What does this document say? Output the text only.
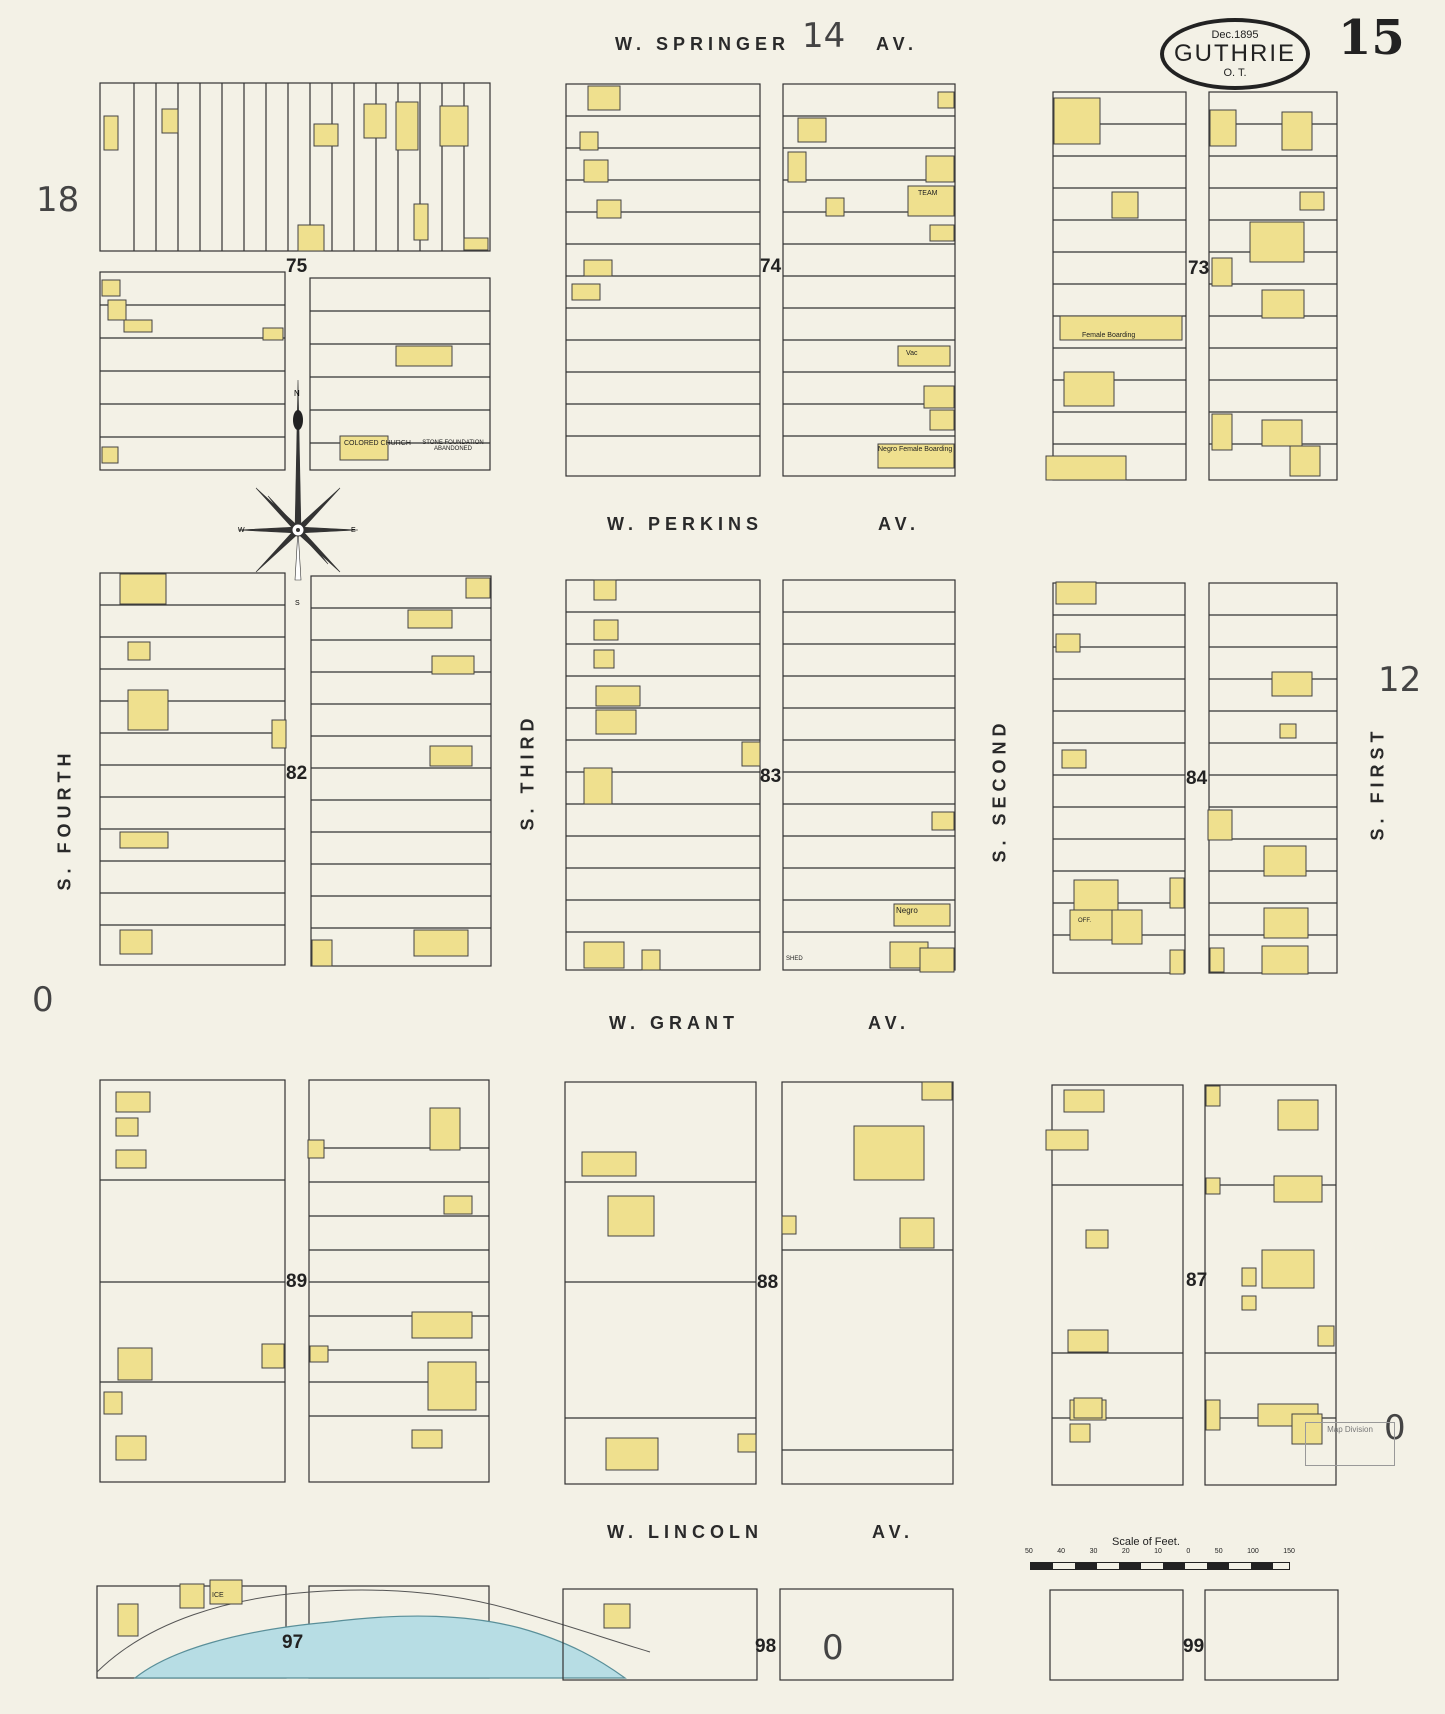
Dec.1895
GUTHRIE
O. T.
15
14
18
0
12
0
0
W. SPRINGER	AV.
W. PERKINS	AV.
W. GRANT	AV.
W. LINCOLN	AV.
S. FOURTH	S. THIRD	S. SECOND	S. FIRST
75	74	73
82	83	84
89	88	87
97	98	99
COLORED CHURCH	STONE FOUNDATION ABANDONED	Negro Female Boarding
Female Boarding
Negro
TEAM
Vac
ICE
SHED
OFF.
N
E
W
S
Scale of Feet.
50	40	30	20	10	0	50	100	150
Map Division
